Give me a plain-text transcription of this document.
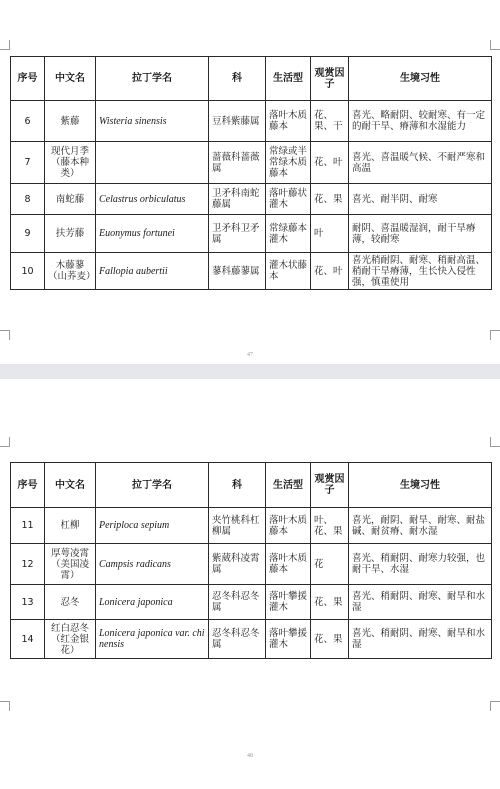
序号	中文名	拉丁学名	科	生活型	观赏因子	生境习性
6	紫藤	Wisteria sinensis	豆科紫藤属	落叶木质藤本	花、果、干	喜光、略耐阴、较耐寒、有一定的耐干旱、瘠薄和水湿能力
7	现代月季（藤本种类）		蔷薇科蔷薇属	常绿或半常绿木质藤本	花、叶	喜光、喜温暖气候、不耐严寒和高温
8	南蛇藤	Celastrus orbiculatus	卫矛科南蛇藤属	落叶藤状灌木	花、果	喜光、耐半阴、耐寒
9	扶芳藤	Euonymus fortunei	卫矛科卫矛属	常绿藤本灌木	叶	耐阴、喜温暖湿润，耐干旱瘠薄，较耐寒
10	木藤蓼（山荞麦）	Fallopia aubertii	蓼科藤蓼属	灌木状藤本	花、叶	喜光稍耐阴、耐寒、稍耐高温、稍耐干旱瘠薄，生长快入侵性强，慎重使用
47
序号	中文名	拉丁学名	科	生活型	观赏因子	生境习性
11	杠柳	Periploca sepium	夹竹桃科杠柳属	落叶木质藤本	叶、花、果	喜光，耐阴、耐旱、耐寒、耐盐碱、耐贫瘠、耐水湿
12	厚萼凌霄（美国凌霄）	Campsis radicans	紫葳科凌霄属	落叶木质藤本	花	喜光、稍耐阴、耐寒力较强，也耐干旱、水湿
13	忍冬	Lonicera japonica	忍冬科忍冬属	落叶攀援灌木	花、果	喜光、稍耐阴、耐寒、耐旱和水湿
14	红白忍冬（红金银花）	Lonicera japonica var. chinensis	忍冬科忍冬属	落叶攀援灌木	花、果	喜光、稍耐阴、耐寒、耐旱和水湿
48
